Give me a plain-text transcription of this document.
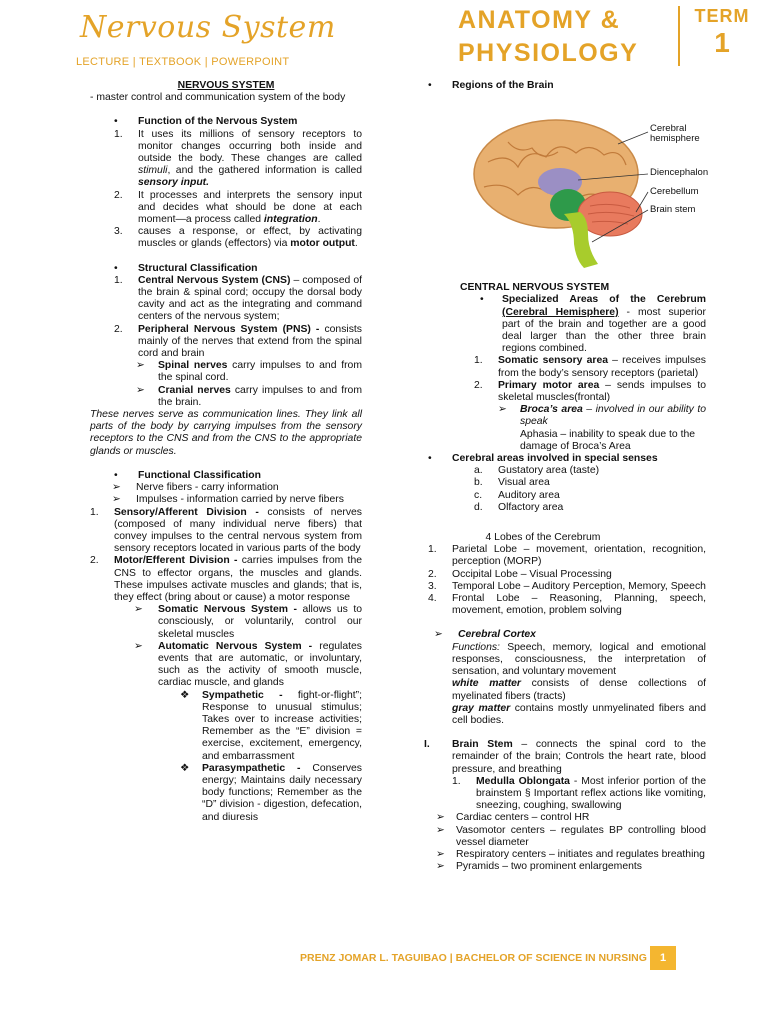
Nervous System
LECTURE | TEXTBOOK | POWERPOINT
ANATOMY &
PHYSIOLOGY
TERM
1
NERVOUS SYSTEM
- master control and communication system of the body
•	Function of the Nervous System
1.	It uses its millions of sensory receptors to monitor changes occurring both inside and outside the body. These changes are called stimuli, and the gathered information is called sensory input.
2.	It processes and interprets the sensory input and decides what should be done at each moment—a process called integration.
3.	causes a response, or effect, by activating muscles or glands (effectors) via motor output.
•	Structural Classification
1.	Central Nervous System (CNS) – composed of the brain & spinal cord; occupy the dorsal body cavity and act as the integrating and command centers of the nervous system;
2.	Peripheral Nervous System (PNS) - consists mainly of the nerves that extend from the spinal cord and brain
➢	Spinal nerves carry impulses to and from the spinal cord.
➢	Cranial nerves carry impulses to and from the brain.
These nerves serve as communication lines. They link all parts of the body by carrying impulses from the sensory receptors to the CNS and from the CNS to the appropriate glands or muscles.
•	Functional Classification
➢	Nerve fibers - carry information
➢	Impulses - information carried by nerve fibers
1.	Sensory/Afferent Division - consists of nerves (composed of many individual nerve fibers) that convey impulses to the central nervous system from sensory receptors located in various parts of the body
2.	Motor/Efferent Division - carries impulses from the CNS to effector organs, the muscles and glands. These impulses activate muscles and glands; that is, they effect (bring about or cause) a motor response
➢	Somatic Nervous System - allows us to consciously, or voluntarily, control our skeletal muscles
➢	Automatic Nervous System - regulates events that are automatic, or involuntary, such as the activity of smooth muscle, cardiac muscle, and glands
❖	Sympathetic - fight-or-flight”; Response to unusual stimulus; Takes over to increase activities; Remember as the “E” division = exercise, excitement, emergency, and embarrassment
❖	Parasympathetic - Conserves energy; Maintains daily necessary body functions; Remember as the “D” division - digestion, defecation, and diuresis
•	Regions of the Brain
Cerebral hemisphere
Diencephalon
Cerebellum
Brain stem
CENTRAL NERVOUS SYSTEM
•	Specialized Areas of the Cerebrum (Cerebral Hemisphere) - most superior part of the brain and together are a good deal larger than the other three brain regions combined.
1.	Somatic sensory area – receives impulses from the body’s sensory receptors (parietal)
2.	Primary motor area – sends impulses to skeletal muscles(frontal)
➢	Broca’s area – involved in our ability to speak
Aphasia – inability to speak due to the damage of Broca’s Area
•	Cerebral areas involved in special senses
a.	Gustatory area (taste)
b.	Visual area
c.	Auditory area
d.	Olfactory area
4 Lobes of the Cerebrum
1.	Parietal Lobe – movement, orientation, recognition, perception (MORP)
2.	Occipital Lobe – Visual Processing
3.	Temporal Lobe – Auditory Perception, Memory, Speech
4.	Frontal Lobe – Reasoning, Planning, speech, movement, emotion, problem solving
➢	Cerebral Cortex
Functions: Speech, memory, logical and emotional responses, consciousness, the interpretation of sensation, and voluntary movement
white matter consists of dense collections of myelinated fibers (tracts)
gray matter contains mostly unmyelinated fibers and cell bodies.
I.	Brain Stem – connects the spinal cord to the remainder of the brain; Controls the heart rate, blood pressure, and breathing
1.	Medulla Oblongata - Most inferior portion of the brainstem § Important reflex actions like vomiting, sneezing, coughing, swallowing
➢	Cardiac centers – control HR
➢	Vasomotor centers – regulates BP controlling blood vessel diameter
➢	Respiratory centers – initiates and regulates breathing
➢	Pyramids – two prominent enlargements
PRENZ JOMAR L. TAGUIBAO | BACHELOR OF SCIENCE IN NURSING	1
